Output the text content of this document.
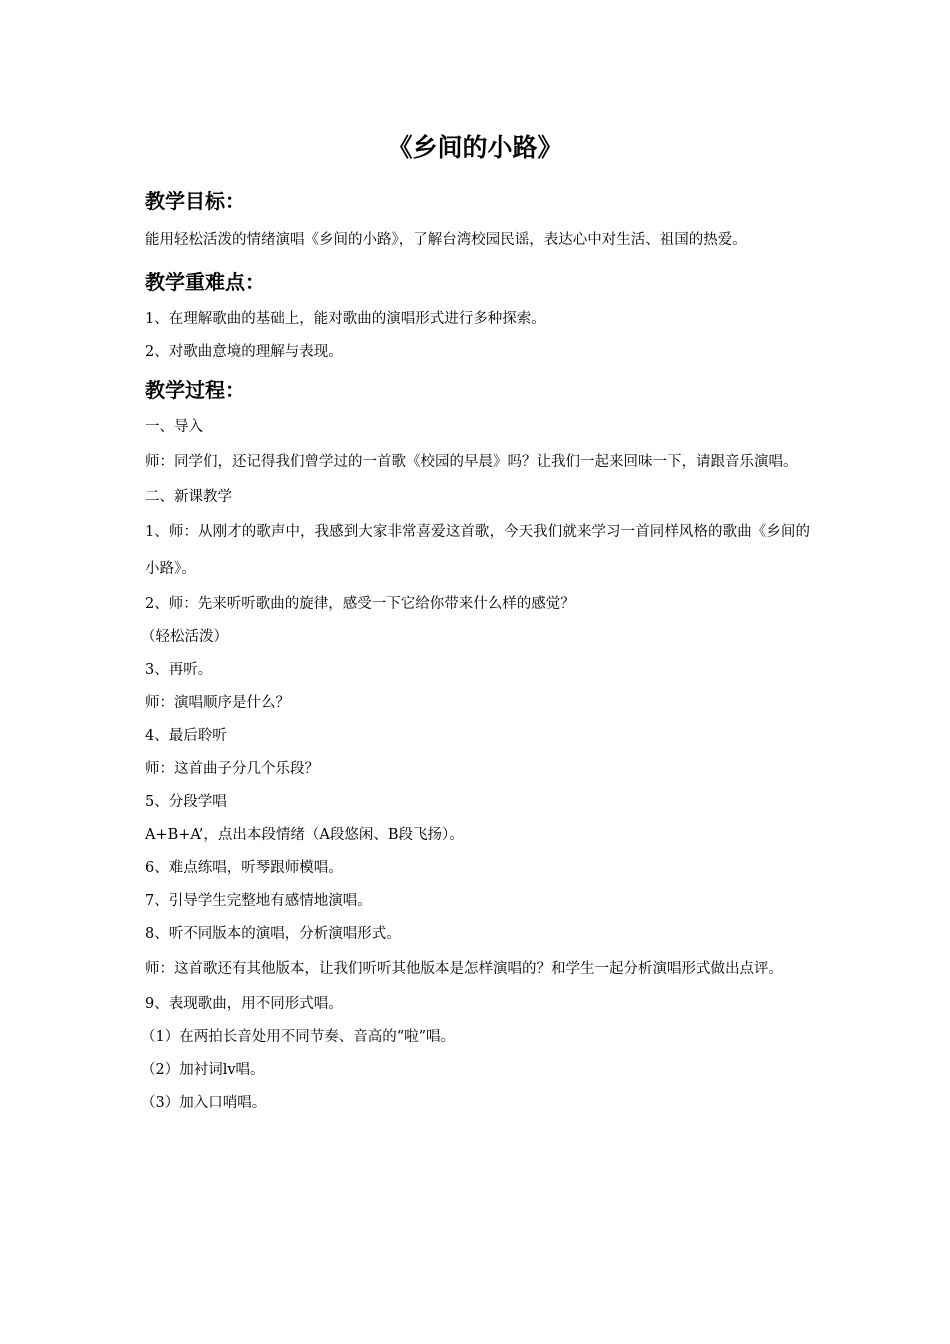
《乡间的小路》
教学目标：

能用轻松活泼的情绪演唱《乡间的小路》，了解台湾校园民谣，表达心中对生活、祖国的热爱。

教学重难点：

1、在理解歌曲的基础上，能对歌曲的演唱形式进行多种探索。

2、对歌曲意境的理解与表现。

教学过程：

一、导入

师：同学们，还记得我们曾学过的一首歌《校园的早晨》吗？让我们一起来回味一下，请跟音乐演唱。

二、新课教学

1、师：从刚才的歌声中，我感到大家非常喜爱这首歌，今天我们就来学习一首同样风格的歌曲《乡间的小路》。

2、师：先来听听歌曲的旋律，感受一下它给你带来什么样的感觉？

（轻松活泼）

3、再听。

师：演唱顺序是什么？

4、最后聆听

师：这首曲子分几个乐段？

5、分段学唱

A+B+A’，点出本段情绪（A段悠闲、B段飞扬）。

6、难点练唱，听琴跟师模唱。

7、引导学生完整地有感情地演唱。

8、听不同版本的演唱，分析演唱形式。

师：这首歌还有其他版本，让我们听听其他版本是怎样演唱的？和学生一起分析演唱形式做出点评。

9、表现歌曲，用不同形式唱。

（1）在两拍长音处用不同节奏、音高的“啦”唱。

（2）加衬词lv唱。

（3）加入口哨唱。
